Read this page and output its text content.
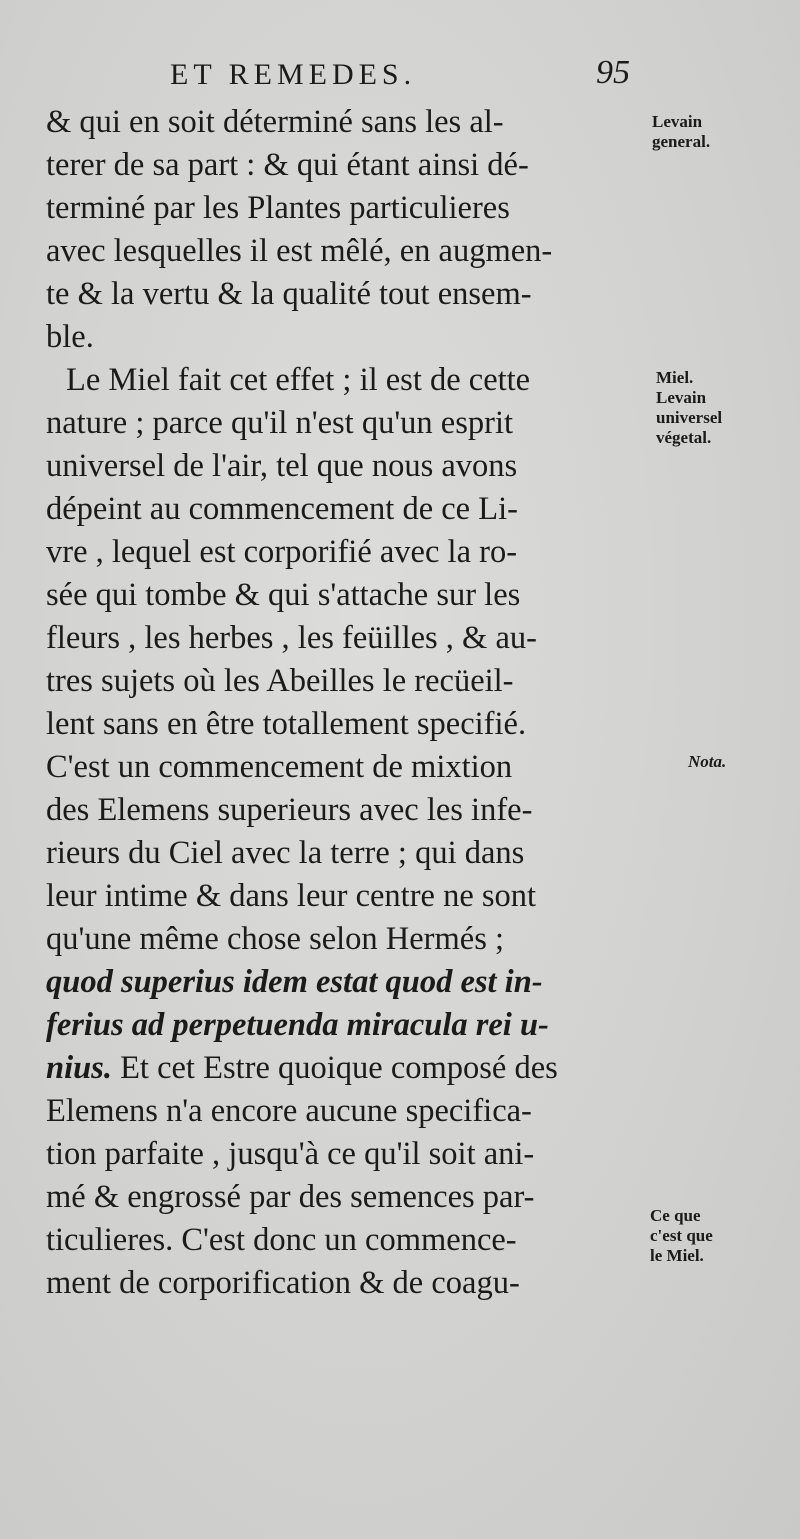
ET REMEDES.	95
& qui en soit déterminé sans les al-
terer de sa part : & qui étant ainsi dé-
terminé par les Plantes particulieres
avec lesquelles il est mêlé, en augmen-
te & la vertu & la qualité tout ensem-
ble.
Le Miel fait cet effet ; il est de cette
nature ; parce qu'il n'est qu'un esprit
universel de l'air, tel que nous avons
dépeint au commencement de ce Li-
vre , lequel est corporifié avec la ro-
sée qui tombe & qui s'attache sur les
fleurs , les herbes , les feüilles , & au-
tres sujets où les Abeilles le recüeil-
lent sans en être totallement specifié.
C'est un commencement de mixtion
des Elemens superieurs avec les infe-
rieurs du Ciel avec la terre ; qui dans
leur intime & dans leur centre ne sont
qu'une même chose selon Hermés ;
quod superius idem estat quod est in-
ferius ad perpetuenda miracula rei u-
nius. Et cet Estre quoique composé des
Elemens n'a encore aucune specifica-
tion parfaite , jusqu'à ce qu'il soit ani-
mé & engrossé par des semences par-
ticulieres. C'est donc un commence-
ment de corporification & de coagu-
Levain
general.
Miel.
Levain
universel
végetal.
Nota.
Ce que
c'est que
le Miel.
